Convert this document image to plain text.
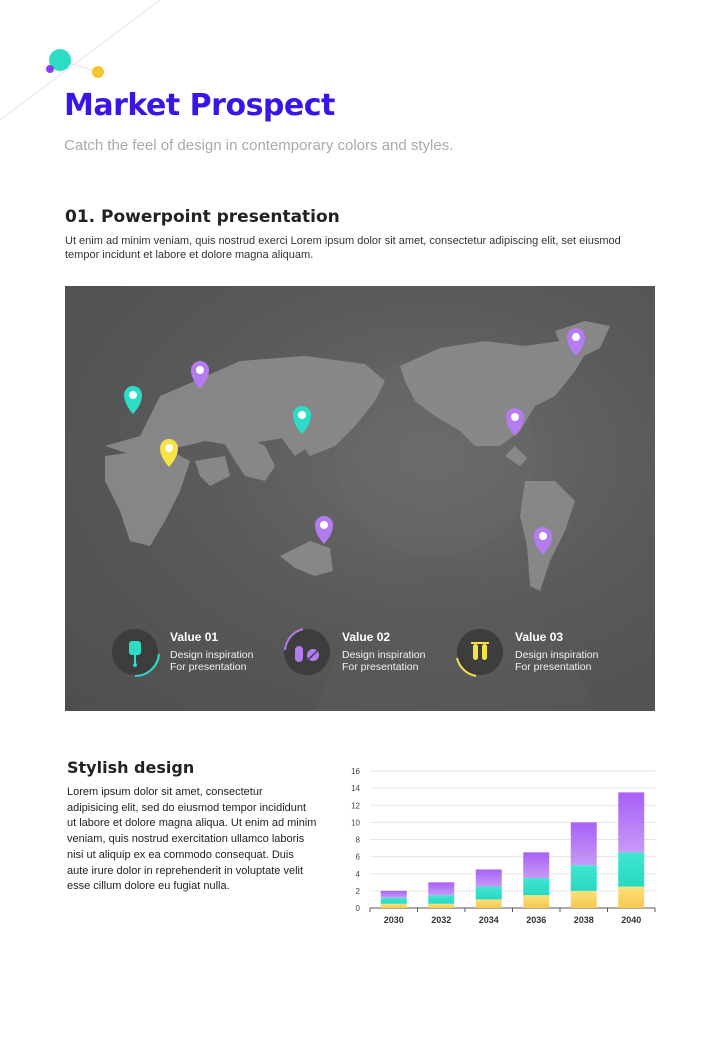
Market Prospect
Catch the feel of design in contemporary colors and styles.
01. Powerpoint presentation
Ut enim ad minim veniam, quis nostrud exerci Lorem ipsum dolor sit amet, consectetur adipiscing elit, set eiusmod tempor incidunt et labore et dolore magna aliquam.
Value 01
Design inspiration
For presentation
Value 02
Design inspiration
For presentation
Value 03
Design inspiration
For presentation
Stylish design
Lorem ipsum dolor sit amet, consectetur adipisicing elit, sed do eiusmod tempor incididunt ut labore et dolore magna aliqua. Ut enim ad minim veniam, quis nostrud exercitation ullamco laboris nisi ut aliquip ex ea commodo consequat. Duis aute irure dolor in reprehenderit in voluptate velit esse cillum dolore eu fugiat nulla.
0
2
4
6
8
10
12
14
16
2030	2032	2034	2036	2038	2040
